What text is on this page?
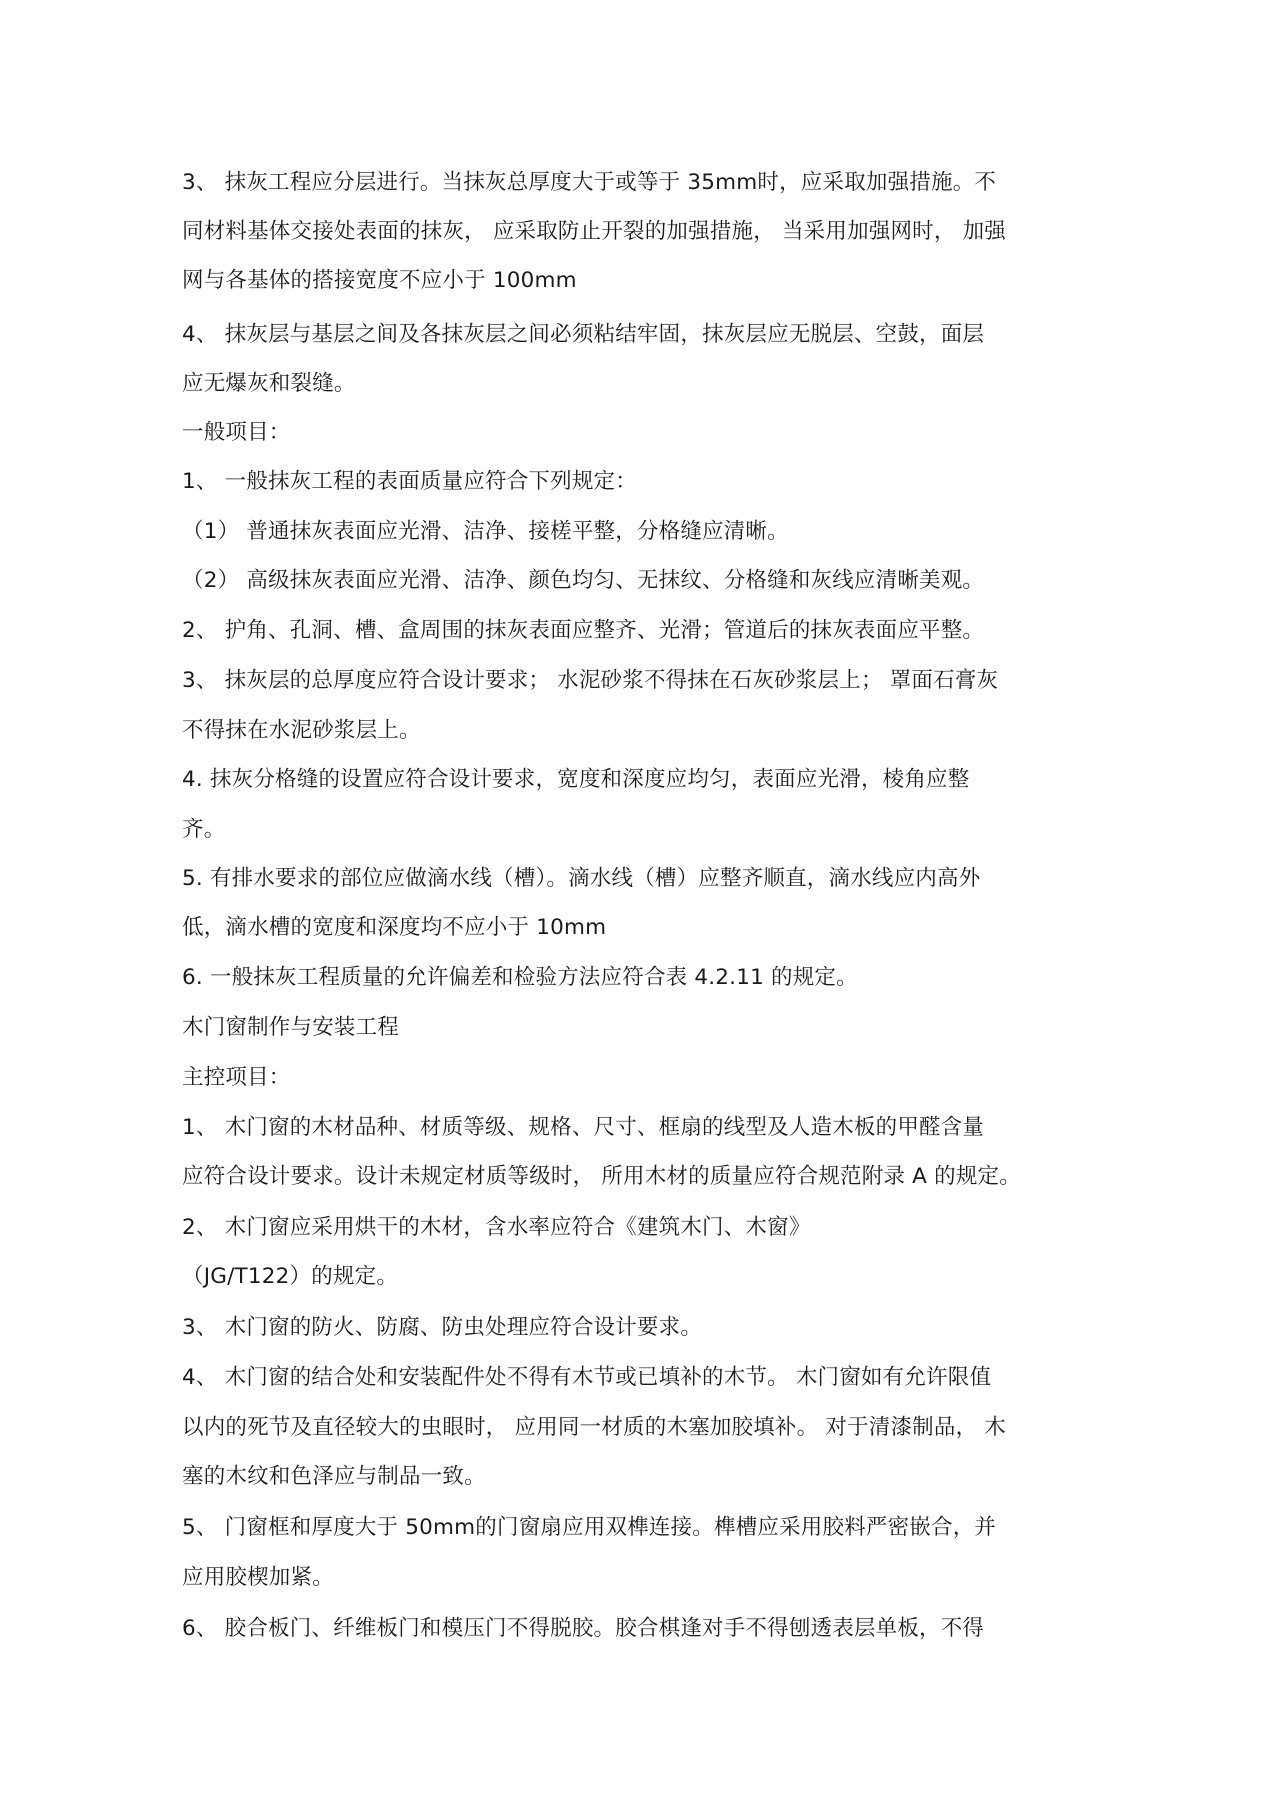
3、 抹灰工程应分层进行。当抹灰总厚度大于或等于 35mm时，应采取加强措施。不
同材料基体交接处表面的抹灰， 应采取防止开裂的加强措施， 当采用加强网时， 加强
网与各基体的搭接宽度不应小于 100mm
4、 抹灰层与基层之间及各抹灰层之间必须粘结牢固，抹灰层应无脱层、空鼓，面层
应无爆灰和裂缝。
一般项目：
1、 一般抹灰工程的表面质量应符合下列规定：
（1） 普通抹灰表面应光滑、洁净、接槎平整，分格缝应清晰。
（2） 高级抹灰表面应光滑、洁净、颜色均匀、无抹纹、分格缝和灰线应清晰美观。
2、 护角、孔洞、槽、盒周围的抹灰表面应整齐、光滑；管道后的抹灰表面应平整。
3、 抹灰层的总厚度应符合设计要求； 水泥砂浆不得抹在石灰砂浆层上； 罩面石膏灰
不得抹在水泥砂浆层上。
4. 抹灰分格缝的设置应符合设计要求，宽度和深度应均匀，表面应光滑，棱角应整
齐。
5. 有排水要求的部位应做滴水线（槽）。滴水线（槽）应整齐顺直，滴水线应内高外
低，滴水槽的宽度和深度均不应小于 10mm
6. 一般抹灰工程质量的允许偏差和检验方法应符合表 4.2.11 的规定。
木门窗制作与安装工程
主控项目：
1、 木门窗的木材品种、材质等级、规格、尺寸、框扇的线型及人造木板的甲醛含量
应符合设计要求。设计未规定材质等级时， 所用木材的质量应符合规范附录 A 的规定。
2、 木门窗应采用烘干的木材，含水率应符合《建筑木门、木窗》
（JG/T122）的规定。
3、 木门窗的防火、防腐、防虫处理应符合设计要求。
4、 木门窗的结合处和安装配件处不得有木节或已填补的木节。 木门窗如有允许限值
以内的死节及直径较大的虫眼时， 应用同一材质的木塞加胶填补。 对于清漆制品， 木
塞的木纹和色泽应与制品一致。
5、 门窗框和厚度大于 50mm的门窗扇应用双榫连接。榫槽应采用胶料严密嵌合，并
应用胶楔加紧。
6、 胶合板门、纤维板门和模压门不得脱胶。胶合棋逢对手不得刨透表层单板，不得
